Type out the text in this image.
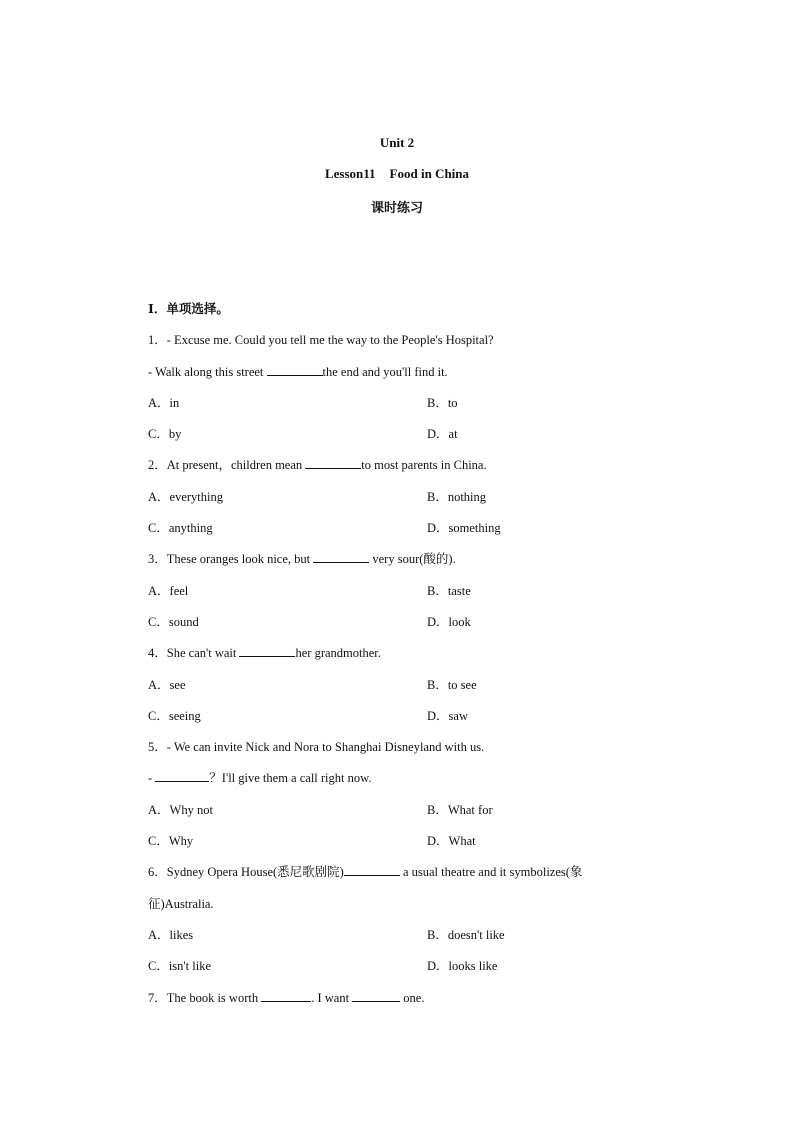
Unit 2
Lesson11 Food in China
课时练习
Ⅰ．单项选择。
1．- Excuse me. Could you tell me the way to the People's Hospital?
- Walk along this street	the end and you'll find it.
A．in	B．to
C．by	D．at
2．At present，children mean	to most parents in China.
A．everything	B．nothing
C．anything	D．something
3．These oranges look nice, but	very sour(酸的).
A．feel	B．taste
C．sound	D．look
4．She can't wait	her grandmother.
A．see	B．to see
C．seeing	D．saw
5．- We can invite Nick and Nora to Shanghai Disneyland with us.
-	？I'll give them a call right now.
A．Why not	B．What for
C．Why	D．What
6．Sydney Opera House(悉尼歌剧院)	a usual theatre and it symbolizes(象
征)Australia.
A．likes	B．doesn't like
C．isn't like	D．looks like
7．The book is worth	. I want	one.
